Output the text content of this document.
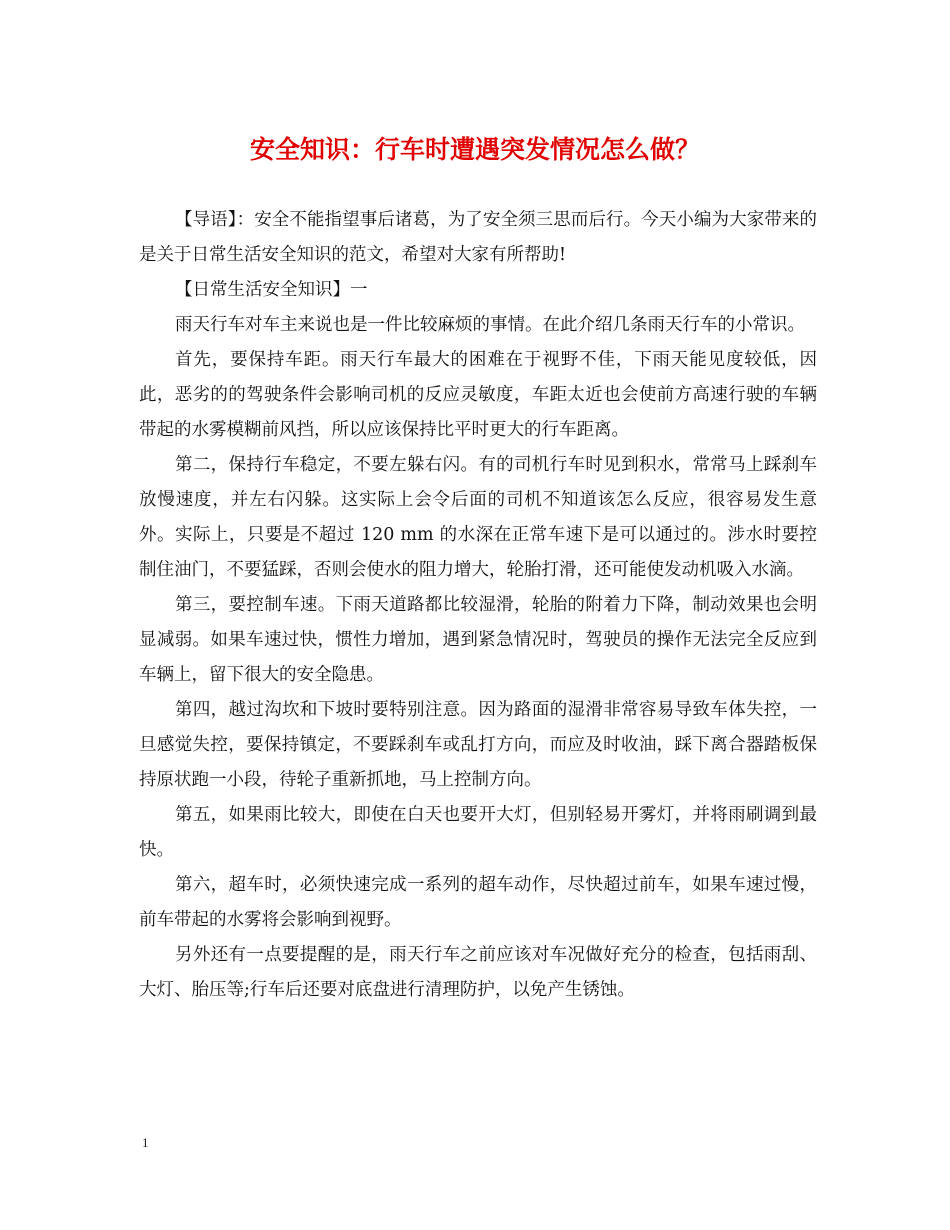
安全知识：行车时遭遇突发情况怎么做？

【导语】：安全不能指望事后诸葛，为了安全须三思而后行。今天小编为大家带来的是关于日常生活安全知识的范文，希望对大家有所帮助!

【日常生活安全知识】一

雨天行车对车主来说也是一件比较麻烦的事情。在此介绍几条雨天行车的小常识。

首先，要保持车距。雨天行车最大的困难在于视野不佳，下雨天能见度较低，因此，恶劣的的驾驶条件会影响司机的反应灵敏度，车距太近也会使前方高速行驶的车辆带起的水雾模糊前风挡，所以应该保持比平时更大的行车距离。

第二，保持行车稳定，不要左躲右闪。有的司机行车时见到积水，常常马上踩刹车放慢速度，并左右闪躲。这实际上会令后面的司机不知道该怎么反应，很容易发生意外。实际上，只要是不超过 120 mm 的水深在正常车速下是可以通过的。涉水时要控制住油门，不要猛踩，否则会使水的阻力增大，轮胎打滑，还可能使发动机吸入水滴。

第三，要控制车速。下雨天道路都比较湿滑，轮胎的附着力下降，制动效果也会明显减弱。如果车速过快，惯性力增加，遇到紧急情况时，驾驶员的操作无法完全反应到车辆上，留下很大的安全隐患。

第四，越过沟坎和下坡时要特别注意。因为路面的湿滑非常容易导致车体失控，一旦感觉失控，要保持镇定，不要踩刹车或乱打方向，而应及时收油，踩下离合器踏板保持原状跑一小段，待轮子重新抓地，马上控制方向。

第五，如果雨比较大，即使在白天也要开大灯，但别轻易开雾灯，并将雨刷调到最快。

第六，超车时，必须快速完成一系列的超车动作，尽快超过前车，如果车速过慢，前车带起的水雾将会影响到视野。

另外还有一点要提醒的是，雨天行车之前应该对车况做好充分的检查，包括雨刮、大灯、胎压等;行车后还要对底盘进行清理防护，以免产生锈蚀。

1
